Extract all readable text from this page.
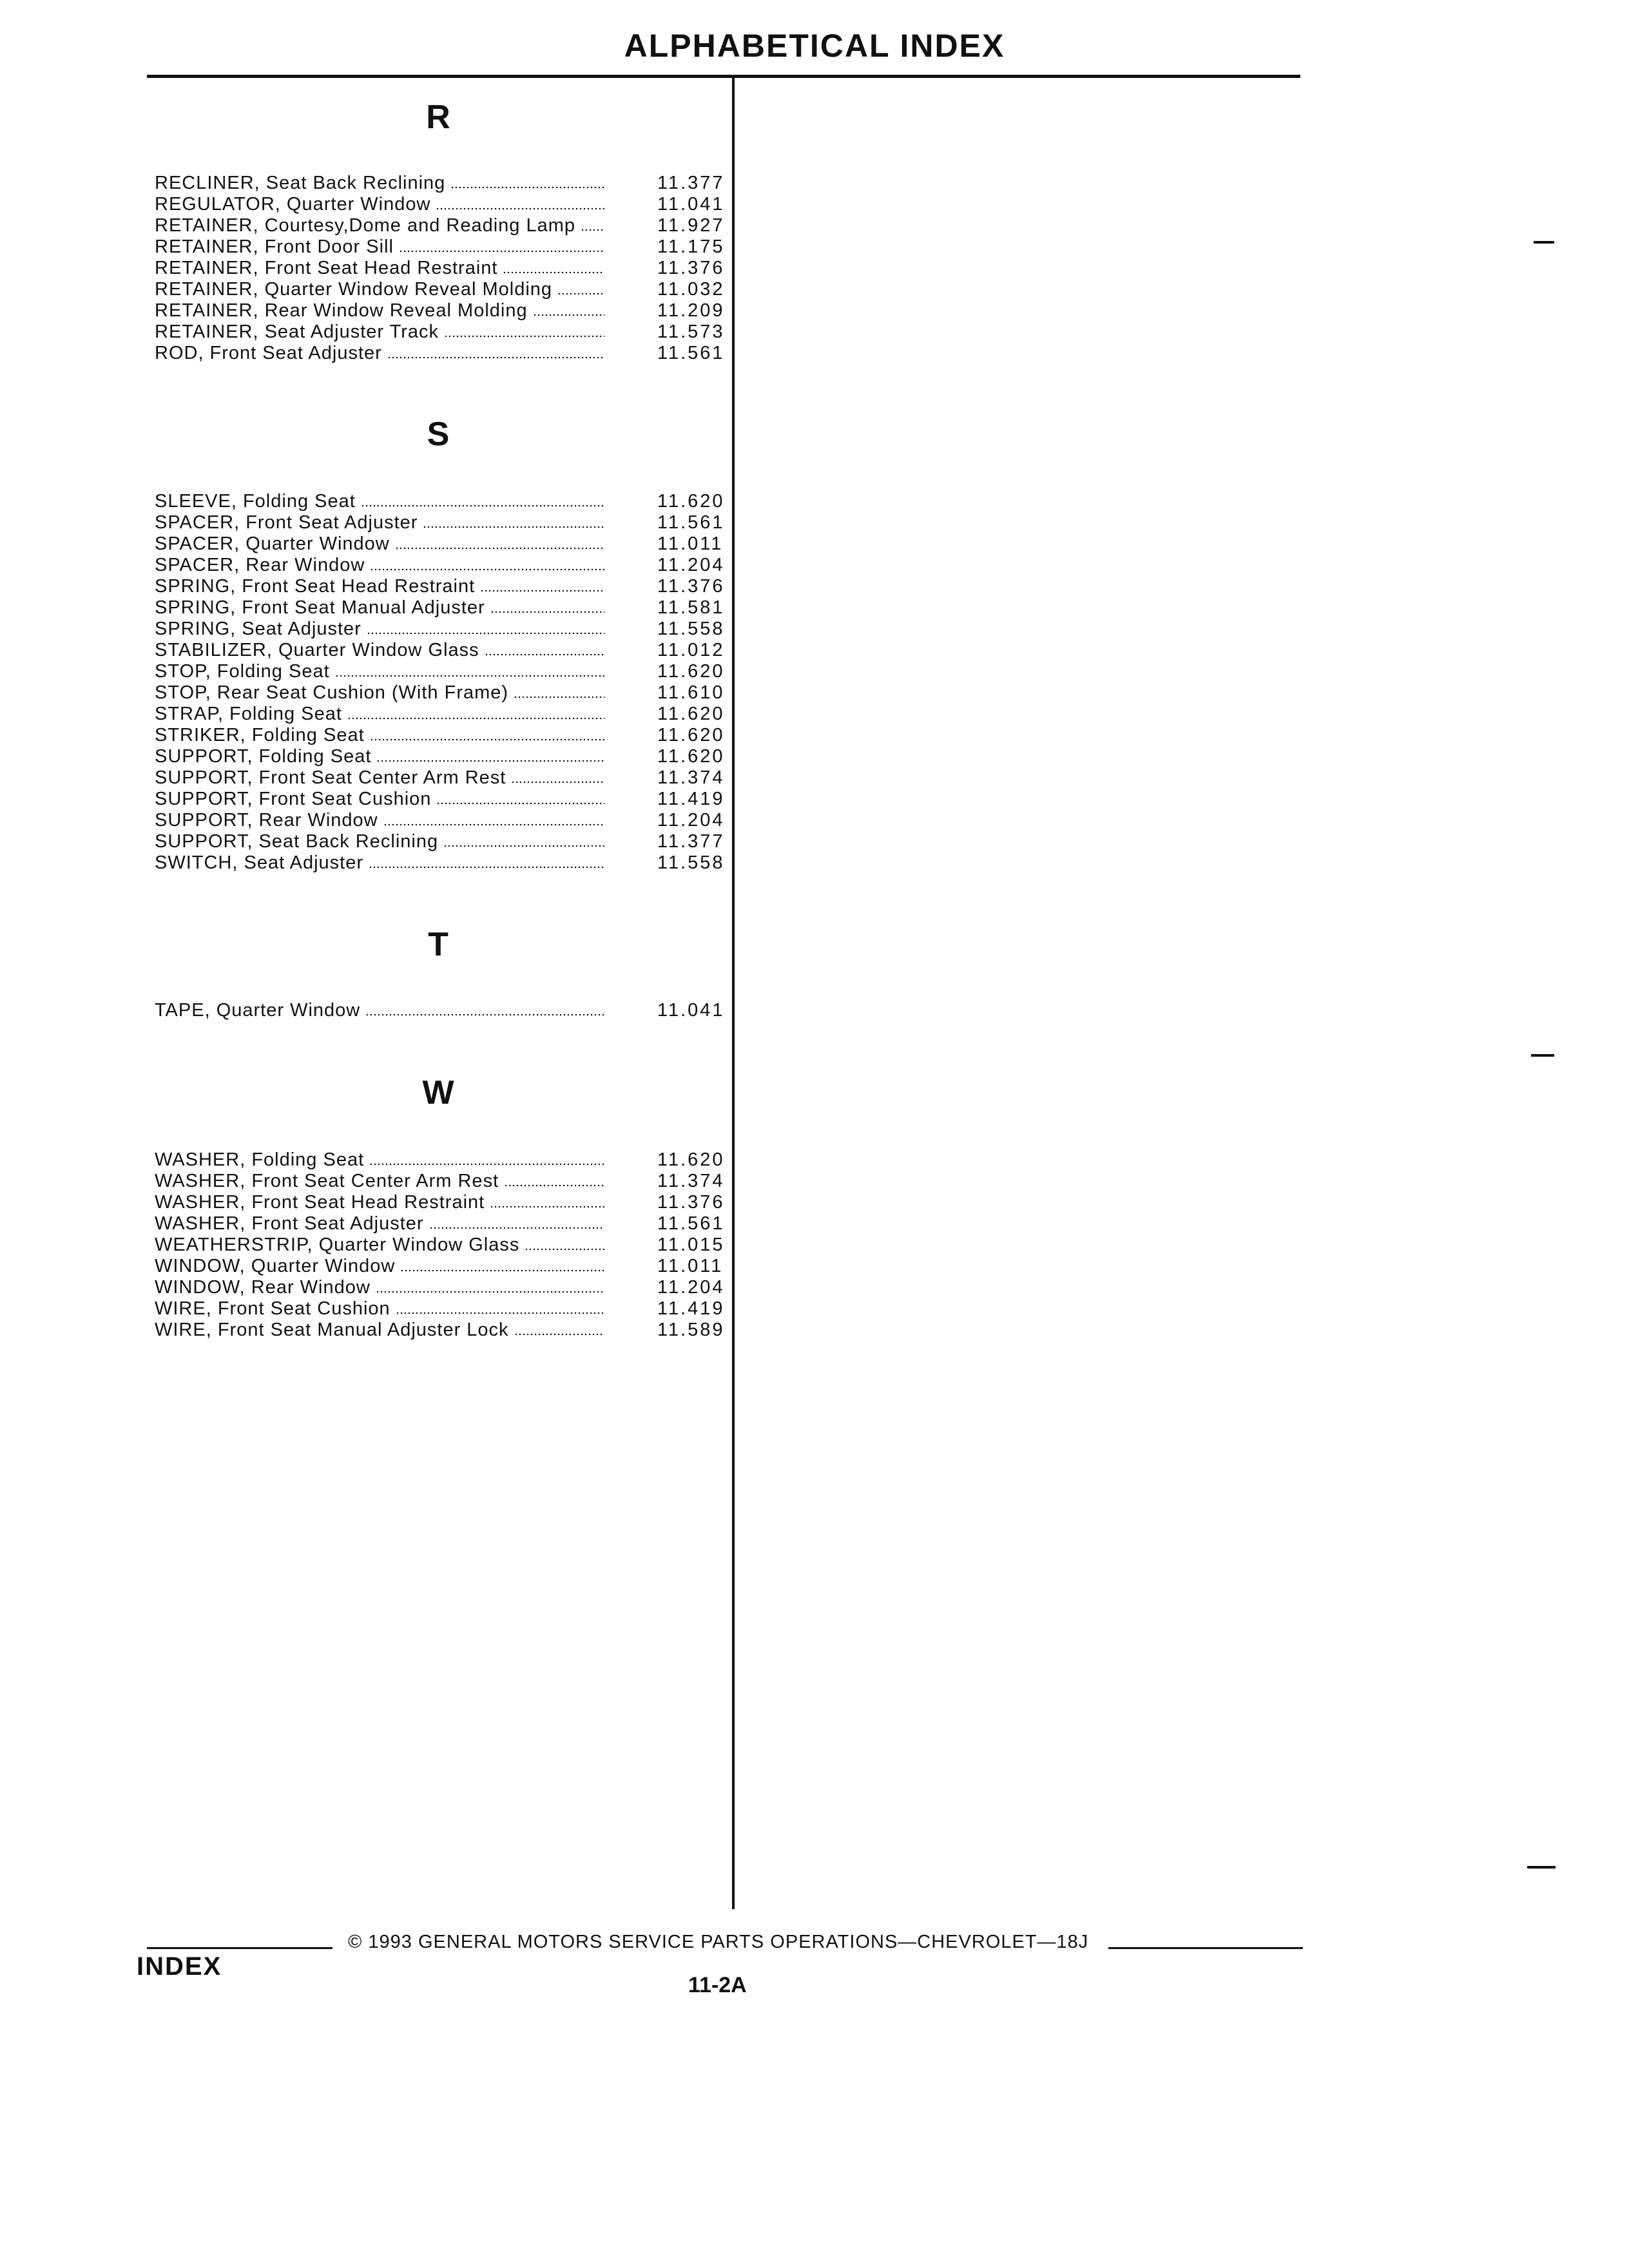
ALPHABETICAL INDEX
R
RECLINER, Seat Back Reclining	11.377
REGULATOR, Quarter Window	11.041
RETAINER, Courtesy,Dome and Reading Lamp	11.927
RETAINER, Front Door Sill	11.175
RETAINER, Front Seat Head Restraint	11.376
RETAINER, Quarter Window Reveal Molding	11.032
RETAINER, Rear Window Reveal Molding	11.209
RETAINER, Seat Adjuster Track	11.573
ROD, Front Seat Adjuster	11.561
S
SLEEVE, Folding Seat	11.620
SPACER, Front Seat Adjuster	11.561
SPACER, Quarter Window	11.011
SPACER, Rear Window	11.204
SPRING, Front Seat Head Restraint	11.376
SPRING, Front Seat Manual Adjuster	11.581
SPRING, Seat Adjuster	11.558
STABILIZER, Quarter Window Glass	11.012
STOP, Folding Seat	11.620
STOP, Rear Seat Cushion (With Frame)	11.610
STRAP, Folding Seat	11.620
STRIKER, Folding Seat	11.620
SUPPORT, Folding Seat	11.620
SUPPORT, Front Seat Center Arm Rest	11.374
SUPPORT, Front Seat Cushion	11.419
SUPPORT, Rear Window	11.204
SUPPORT, Seat Back Reclining	11.377
SWITCH, Seat Adjuster	11.558
T
TAPE, Quarter Window	11.041
W
WASHER, Folding Seat	11.620
WASHER, Front Seat Center Arm Rest	11.374
WASHER, Front Seat Head Restraint	11.376
WASHER, Front Seat Adjuster	11.561
WEATHERSTRIP, Quarter Window Glass	11.015
WINDOW, Quarter Window	11.011
WINDOW, Rear Window	11.204
WIRE, Front Seat Cushion	11.419
WIRE, Front Seat Manual Adjuster Lock	11.589
© 1993 GENERAL MOTORS SERVICE PARTS OPERATIONS—CHEVROLET—18J
INDEX
11-2A
